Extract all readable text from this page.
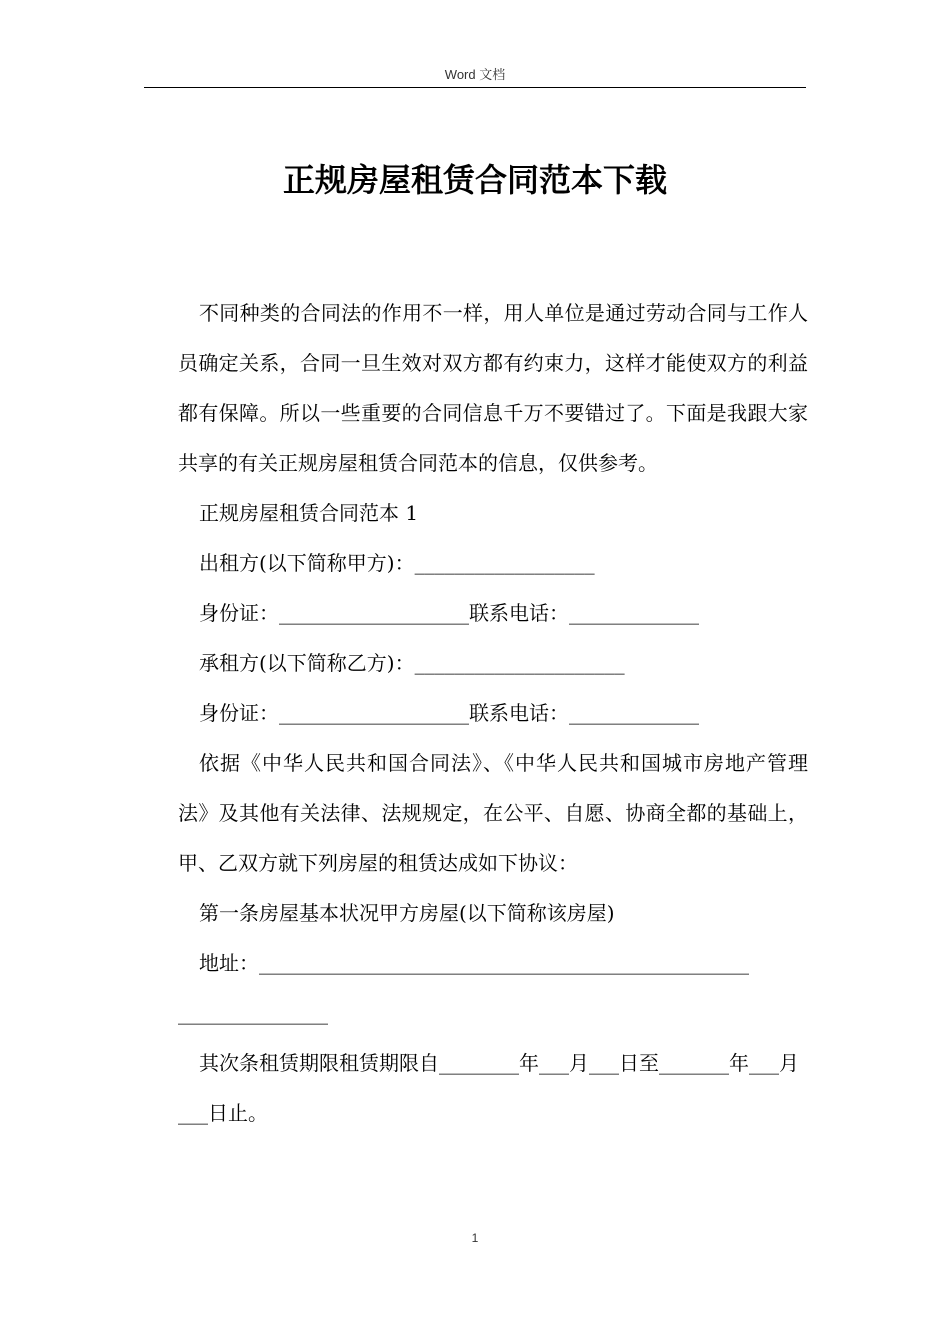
Word 文档
正规房屋租赁合同范本下载

不同种类的合同法的作用不一样，用人单位是通过劳动合同与工作人员确定关系，合同一旦生效对双方都有约束力，这样才能使双方的利益都有保障。所以一些重要的合同信息千万不要错过了。下面是我跟大家共享的有关正规房屋租赁合同范本的信息，仅供参考。

正规房屋租赁合同范本 1

出租方(以下简称甲方)：__________________

身份证：___________________联系电话：_____________

承租方(以下简称乙方)：_____________________

身份证：___________________联系电话：_____________

依据《中华人民共和国合同法》、《中华人民共和国城市房地产管理法》及其他有关法律、法规规定，在公平、自愿、协商全都的基础上，甲、乙双方就下列房屋的租赁达成如下协议：

第一条房屋基本状况甲方房屋(以下简称该房屋)

地址：_________________________________________________ _______________

其次条租赁期限租赁期限自________年___月___日至_______年___月___日止。

1
